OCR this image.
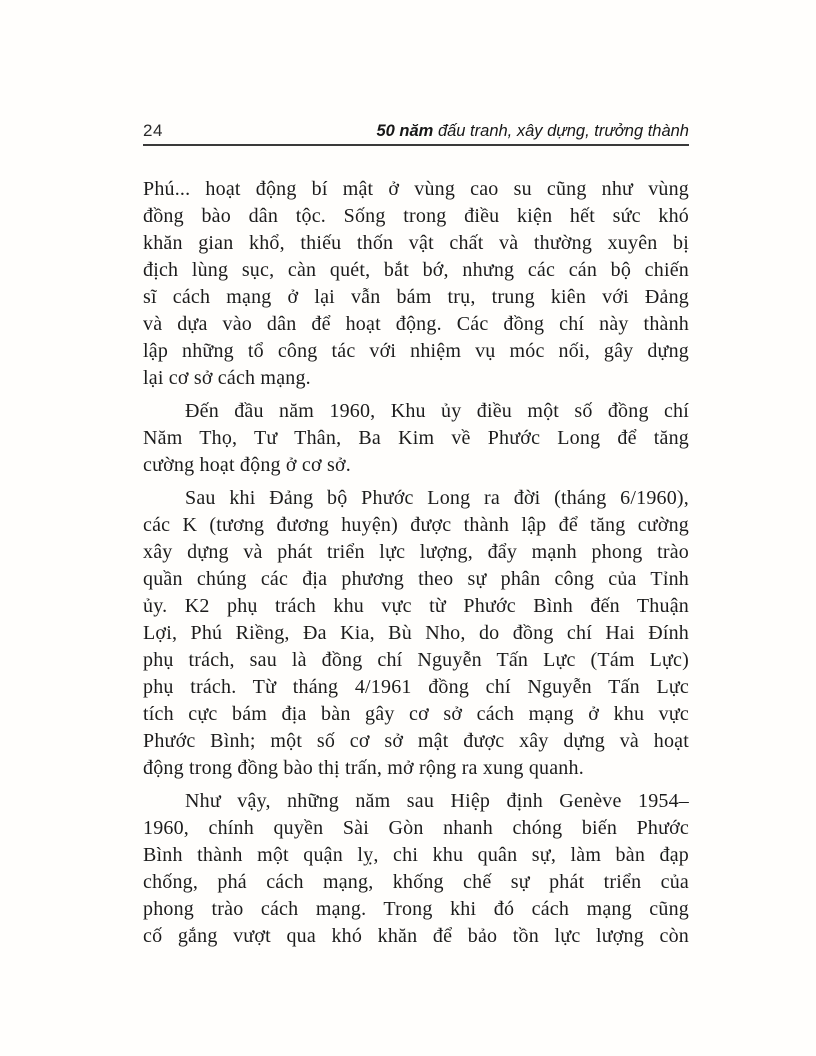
24	50 năm đấu tranh, xây dựng, trưởng thành

Phú... hoạt động bí mật ở vùng cao su cũng như vùng
đồng bào dân tộc. Sống trong điều kiện hết sức khó
khăn gian khổ, thiếu thốn vật chất và thường xuyên bị
địch lùng sục, càn quét, bắt bớ, nhưng các cán bộ chiến
sĩ cách mạng ở lại vẫn bám trụ, trung kiên với Đảng
và dựa vào dân để hoạt động. Các đồng chí này thành
lập những tổ công tác với nhiệm vụ móc nối, gây dựng
lại cơ sở cách mạng.

Đến đầu năm 1960, Khu ủy điều một số đồng chí
Năm Thọ, Tư Thân, Ba Kim về Phước Long để tăng
cường hoạt động ở cơ sở.

Sau khi Đảng bộ Phước Long ra đời (tháng 6/1960),
các K (tương đương huyện) được thành lập để tăng cường
xây dựng và phát triển lực lượng, đẩy mạnh phong trào
quần chúng các địa phương theo sự phân công của Tỉnh
ủy. K2 phụ trách khu vực từ Phước Bình đến Thuận
Lợi, Phú Riềng, Đa Kia, Bù Nho, do đồng chí Hai Đính
phụ trách, sau là đồng chí Nguyễn Tấn Lực (Tám Lực)
phụ trách. Từ tháng 4/1961 đồng chí Nguyễn Tấn Lực
tích cực bám địa bàn gây cơ sở cách mạng ở khu vực
Phước Bình; một số cơ sở mật được xây dựng và hoạt
động trong đồng bào thị trấn, mở rộng ra xung quanh.

Như vậy, những năm sau Hiệp định Genève 1954–
1960, chính quyền Sài Gòn nhanh chóng biến Phước
Bình thành một quận lỵ, chi khu quân sự, làm bàn đạp
chống, phá cách mạng, khống chế sự phát triển của
phong trào cách mạng. Trong khi đó cách mạng cũng
cố gắng vượt qua khó khăn để bảo tồn lực lượng còn
